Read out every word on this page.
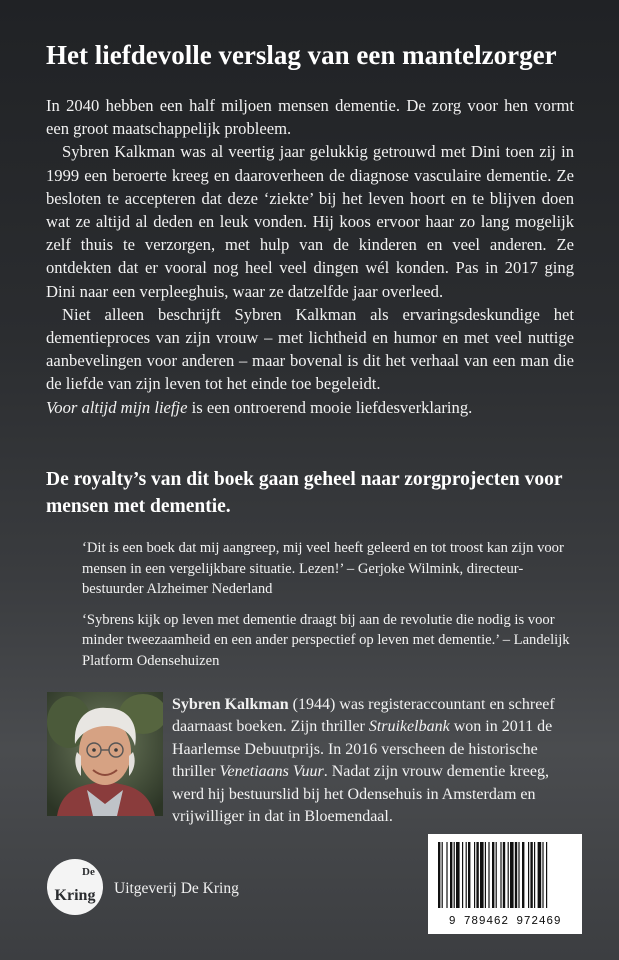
Het liefdevolle verslag van een mantelzorger

In 2040 hebben een half miljoen mensen dementie. De zorg voor hen vormt een groot maatschappelijk probleem.

Sybren Kalkman was al veertig jaar gelukkig getrouwd met Dini toen zij in 1999 een beroerte kreeg en daaroverheen de diagnose vasculaire dementie. Ze besloten te accepteren dat deze ‘ziekte’ bij het leven hoort en te blijven doen wat ze altijd al deden en leuk vonden. Hij koos ervoor haar zo lang mogelijk zelf thuis te verzorgen, met hulp van de kinderen en veel anderen. Ze ontdekten dat er vooral nog heel veel dingen wél konden. Pas in 2017 ging Dini naar een verpleeghuis, waar ze datzelfde jaar overleed.

Niet alleen beschrijft Sybren Kalkman als ervaringsdeskundige het dementieproces van zijn vrouw – met lichtheid en humor en met veel nuttige aanbevelingen voor anderen – maar bovenal is dit het verhaal van een man die de liefde van zijn leven tot het einde toe begeleidt.
Voor altijd mijn liefje is een ontroerend mooie liefdesverklaring.

De royalty’s van dit boek gaan geheel naar zorgprojecten voor mensen met dementie.

‘Dit is een boek dat mij aangreep, mij veel heeft geleerd en tot troost kan zijn voor mensen in een vergelijkbare situatie. Lezen!’ – Gerjoke Wilmink, directeur-bestuurder Alzheimer Nederland

‘Sybrens kijk op leven met dementie draagt bij aan de revolutie die nodig is voor minder tweezaamheid en een ander perspectief op leven met dementie.’ – Landelijk Platform Odensehuizen

Sybren Kalkman (1944) was registeraccountant en schreef daarnaast boeken. Zijn thriller Struikelbank won in 2011 de Haarlemse Debuutprijs. In 2016 verscheen de historische thriller Venetiaans Vuur. Nadat zijn vrouw dementie kreeg, werd hij bestuurslid bij het Odensehuis in Amsterdam en vrijwilliger in dat in Bloemendaal.
De
Kring Uitgeverij De Kring
9 789462 972469
